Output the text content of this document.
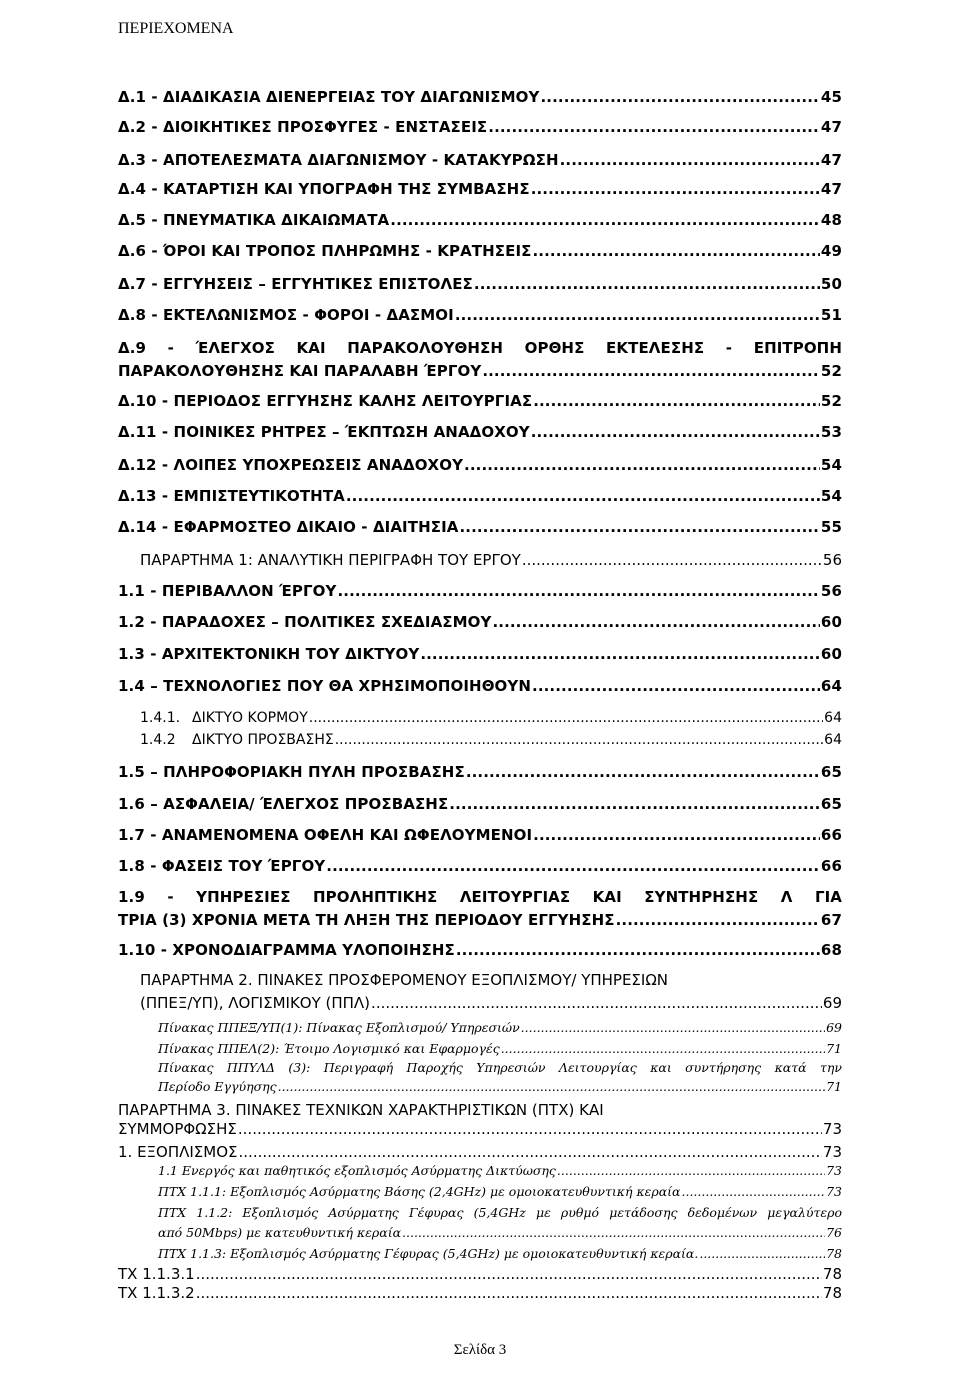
ΠΕΡΙΕΧΟΜΕΝΑ
Δ.1 - ΔΙΑΔΙΚΑΣΙΑ ΔΙΕΝΕΡΓΕΙΑΣ ΤΟΥ ΔΙΑΓΩΝΙΣΜΟΥ .....	45
Δ.2 - ΔΙΟΙΚΗΤΙΚΕΣ ΠΡΟΣΦΥΓΕΣ - ΕΝΣΤΑΣΕΙΣ .....	47
Δ.3 - ΑΠΟΤΕΛΕΣΜΑΤΑ ΔΙΑΓΩΝΙΣΜΟΥ - ΚΑΤΑΚΥΡΩΣΗ .....	47
Δ.4 - ΚΑΤΑΡΤΙΣΗ ΚΑΙ ΥΠΟΓΡΑΦΗ ΤΗΣ ΣΥΜΒΑΣΗΣ .....	47
Δ.5 - ΠΝΕΥΜΑΤΙΚΑ ΔΙΚΑΙΩΜΑΤΑ .....	48
Δ.6 - ΌΡΟΙ ΚΑΙ ΤΡΟΠΟΣ ΠΛΗΡΩΜΗΣ - ΚΡΑΤΗΣΕΙΣ .....	49
Δ.7 - ΕΓΓΥΗΣΕΙΣ – ΕΓΓΥΗΤΙΚΕΣ ΕΠΙΣΤΟΛΕΣ .....	50
Δ.8 - ΕΚΤΕΛΩΝΙΣΜΟΣ - ΦΟΡΟΙ - ΔΑΣΜΟΙ .....	51
Δ.9 - ΈΛΕΓΧΟΣ ΚΑΙ ΠΑΡΑΚΟΛΟΥΘΗΣΗ ΟΡΘΗΣ ΕΚΤΕΛΕΣΗΣ - ΕΠΙΤΡΟΠΗ
ΠΑΡΑΚΟΛΟΥΘΗΣΗΣ ΚΑΙ ΠΑΡΑΛΑΒΗ ΈΡΓΟΥ .....	52
Δ.10 - ΠΕΡΙΟΔΟΣ ΕΓΓΥΗΣΗΣ ΚΑΛΗΣ ΛΕΙΤΟΥΡΓΙΑΣ .....	52
Δ.11 - ΠΟΙΝΙΚΕΣ ΡΗΤΡΕΣ – ΈΚΠΤΩΣΗ ΑΝΑΔΟΧΟΥ .....	53
Δ.12 - ΛΟΙΠΕΣ ΥΠΟΧΡΕΩΣΕΙΣ ΑΝΑΔΟΧΟΥ .....	54
Δ.13 - ΕΜΠΙΣΤΕΥΤΙΚΟΤΗΤΑ .....	54
Δ.14 - ΕΦΑΡΜΟΣΤΕΟ ΔΙΚΑΙΟ - ΔΙΑΙΤΗΣΙΑ .....	55
ΠΑΡΑΡΤΗΜΑ 1: ΑΝΑΛΥΤΙΚΗ ΠΕΡΙΓΡΑΦΗ ΤΟΥ ΕΡΓΟΥ .....	56
1.1 - ΠΕΡΙΒΑΛΛΟΝ ΈΡΓΟΥ .....	56
1.2 - ΠΑΡΑΔΟΧΕΣ – ΠΟΛΙΤΙΚΕΣ ΣΧΕΔΙΑΣΜΟΥ .....	60
1.3 - ΑΡΧΙΤΕΚΤΟΝΙΚΗ ΤΟΥ ΔΙΚΤΥΟΥ .....	60
1.4 – ΤΕΧΝΟΛΟΓΙΕΣ ΠΟΥ ΘΑ ΧΡΗΣΙΜΟΠΟΙΗΘΟΥΝ .....	64
1.4.1. ΔΙΚΤΥΟ ΚΟΡΜΟΥ .....	64
1.4.2	ΔΙΚΤΥΟ ΠΡΟΣΒΑΣΗΣ .....	64
1.5 – ΠΛΗΡΟΦΟΡΙΑΚΗ ΠΥΛΗ ΠΡΟΣΒΑΣΗΣ .....	65
1.6 – ΑΣΦΑΛΕΙΑ/ ΈΛΕΓΧΟΣ ΠΡΟΣΒΑΣΗΣ .....	65
1.7 - ΑΝΑΜΕΝΟΜΕΝΑ ΟΦΕΛΗ ΚΑΙ ΩΦΕΛΟΥΜΕΝΟΙ .....	66
1.8 - ΦΑΣΕΙΣ ΤΟΥ ΈΡΓΟΥ .....	66
1.9 - ΥΠΗΡΕΣΙΕΣ ΠΡΟΛΗΠΤΙΚΗΣ ΛΕΙΤΟΥΡΓΙΑΣ ΚΑΙ ΣΥΝΤΗΡΗΣΗΣ Λ ΓΙΑ
ΤΡΙΑ (3) ΧΡΟΝΙΑ ΜΕΤΑ ΤΗ ΛΗΞΗ ΤΗΣ ΠΕΡΙΟΔΟΥ ΕΓΓΥΗΣΗΣ .....	67
1.10 - ΧΡΟΝΟΔΙΑΓΡΑΜΜΑ ΥΛΟΠΟΙΗΣΗΣ .....	68
ΠΑΡΑΡΤΗΜΑ 2. ΠΙΝΑΚΕΣ ΠΡΟΣΦΕΡΟΜΕΝΟΥ ΕΞΟΠΛΙΣΜΟΥ/ ΥΠΗΡΕΣΙΩΝ
(ΠΠΕΞ/ΥΠ), ΛΟΓΙΣΜΙΚΟΥ (ΠΠΛ) .....	69
Πίνακας ΠΠΕΞ/ΥΠ(1): Πίνακας Εξοπλισμού/ Υπηρεσιών .....	69
Πίνακας ΠΠΕΛ(2): Έτοιμο Λογισμικό και Εφαρμογές .....	71
Πίνακας ΠΠΥΛΔ (3): Περιγραφή Παροχής Υπηρεσιών Λειτουργίας και συντήρησης κατά την
Περίοδο Εγγύησης .....	71
ΠΑΡΑΡΤΗΜΑ 3. ΠΙΝΑΚΕΣ ΤΕΧΝΙΚΩΝ ΧΑΡΑΚΤΗΡΙΣΤΙΚΩΝ (ΠΤΧ) ΚΑΙ
ΣΥΜΜΟΡΦΩΣΗΣ .....	73
1. ΕΞΟΠΛΙΣΜΟΣ .....	73
1.1 Ενεργός και παθητικός εξοπλισμός Ασύρματης Δικτύωσης .....	73
ΠΤΧ 1.1.1: Εξοπλισμός Ασύρματης Βάσης (2,4GHz) με ομοιοκατευθυντική κεραία .....	73
ΠΤΧ 1.1.2: Εξοπλισμός Ασύρματης Γέφυρας (5,4GHz με ρυθμό μετάδοσης δεδομένων μεγαλύτερο
από 50Mbps) με κατευθυντική κεραία .....	76
ΠΤΧ 1.1.3: Εξοπλισμός Ασύρματης Γέφυρας (5,4GHz) με ομοιοκατευθυντική κεραία. .....	78
ΤΧ 1.1.3.1 .....	78
ΤΧ 1.1.3.2 .....	78
Σελίδα 3
